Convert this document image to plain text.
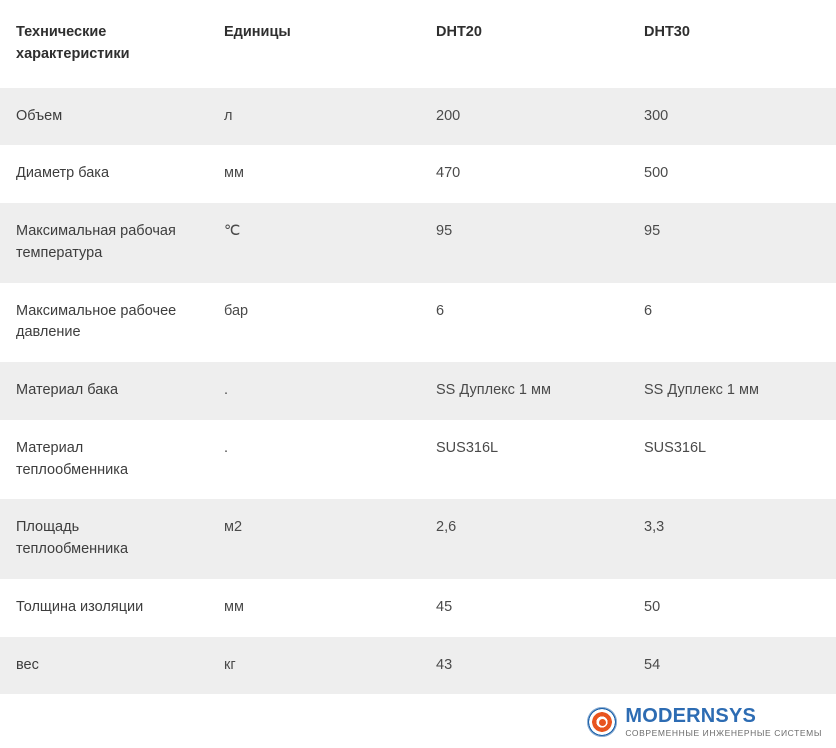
Технические характеристики	Единицы	DHT20	DHT30
Объем	л	200	300
Диаметр бака	мм	470	500
Максимальная рабочая температура	℃	95	95
Максимальное рабочее давление	бар	6	6
Материал бака	.	SS Дуплекс 1 мм	SS Дуплекс 1 мм
Материал теплообменника	.	SUS316L	SUS316L
Площадь теплообменника	м2	2,6	3,3
Толщина изоляции	мм	45	50
вес	кг	43	54
MODERNSYS
СОВРЕМЕННЫЕ ИНЖЕНЕРНЫЕ СИСТЕМЫ
